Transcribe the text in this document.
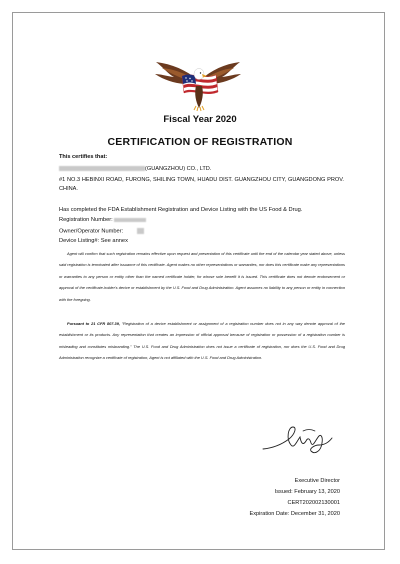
Fiscal Year 2020
CERTIFICATION OF REGISTRATION
This certifies that:
(GUANGZHOU) CO., LTD.
#1 NO.3 HEBINXI ROAD, FURONG, SHILING TOWN, HUADU DIST. GUANGZHOU CITY, GUANGDONG PROV. CHINA.
Has completed the FDA Establishment Registration and Device Listing with the US Food & Drug.
Registration Number:
Owner/Operator Number:
Device Listing#: See annex
Agent will confirm that such registration remains effective upon request and presentation of this certificate until the end of the calendar year stated above, unless said registration is terminated after issuance of this certificate. Agent makes no other representations or warranties, nor does this certificate make any representations or warranties to any person or entity other than the named certificate holder, for whose sole benefit it is issued. This certificate does not denote endorsement or approval of the certificate-holder's device or establishment by the U.S. Food and Drug Administration. Agent assumes no liability to any person or entity in connection with the foregoing.
Pursuant to 21 CFR 807.39, "Registration of a device establishment or assignment of a registration number does not in any way denote approval of the establishment or its products. Any representation that creates an impression of official approval because of registration or possession of a registration number is misleading and constitutes misbranding." The U.S. Food and Drug Administration does not issue a certificate of registration, nor does the U.S. Food and Drug Administration recognize a certificate of registration, Agent is not affiliated with the U.S. Food and Drug Administration.
Executive Director
Issued: February 13, 2020
CERT202002130001
Expiration Date: December 31, 2020
